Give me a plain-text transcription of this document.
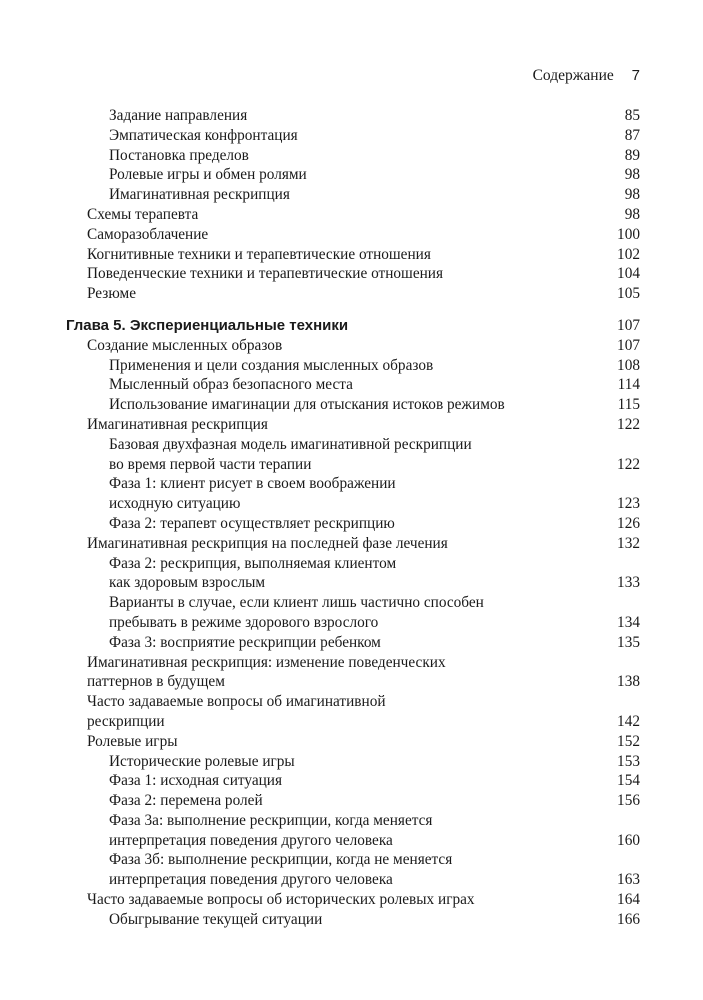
Содержание 7
Задание направления	85
Эмпатическая конфронтация	87
Постановка пределов	89
Ролевые игры и обмен ролями	98
Имагинативная рескрипция	98
Схемы терапевта	98
Саморазоблачение	100
Когнитивные техники и терапевтические отношения	102
Поведенческие техники и терапевтические отношения	104
Резюме	105
Глава 5. Экспериенциальные техники	107
Создание мысленных образов	107
Применения и цели создания мысленных образов	108
Мысленный образ безопасного места	114
Использование имагинации для отыскания истоков режимов	115
Имагинативная рескрипция	122
Базовая двухфазная модель имагинативной рескрипции
во время первой части терапии	122
Фаза 1: клиент рисует в своем воображении
исходную ситуацию	123
Фаза 2: терапевт осуществляет рескрипцию	126
Имагинативная рескрипция на последней фазе лечения	132
Фаза 2: рескрипция, выполняемая клиентом
как здоровым взрослым	133
Варианты в случае, если клиент лишь частично способен
пребывать в режиме здорового взрослого	134
Фаза 3: восприятие рескрипции ребенком	135
Имагинативная рескрипция: изменение поведенческих
паттернов в будущем	138
Часто задаваемые вопросы об имагинативной
рескрипции	142
Ролевые игры	152
Исторические ролевые игры	153
Фаза 1: исходная ситуация	154
Фаза 2: перемена ролей	156
Фаза 3а: выполнение рескрипции, когда меняется
интерпретация поведения другого человека	160
Фаза 3б: выполнение рескрипции, когда не меняется
интерпретация поведения другого человека	163
Часто задаваемые вопросы об исторических ролевых играх	164
Обыгрывание текущей ситуации	166
